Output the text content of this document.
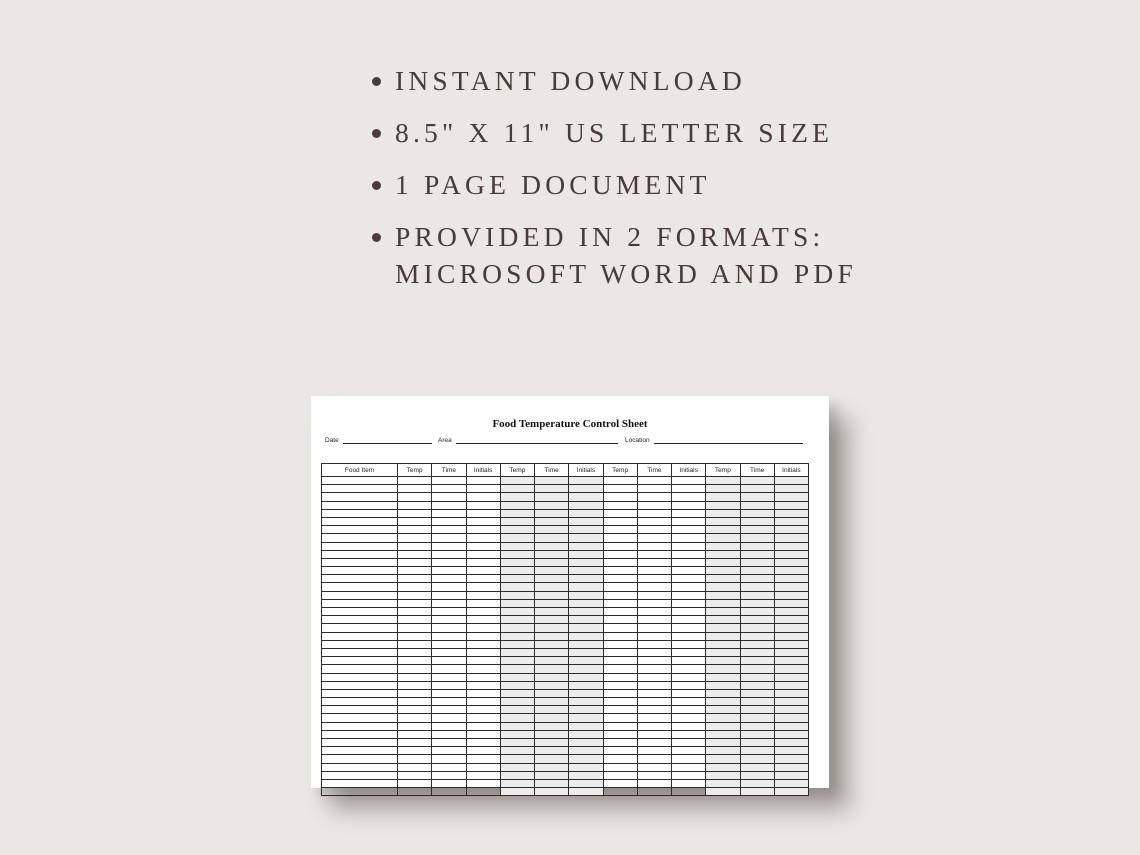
INSTANT DOWNLOAD
8.5" X 11" US LETTER SIZE
1 PAGE DOCUMENT
PROVIDED IN 2 FORMATS:
MICROSOFT WORD AND PDF
Food Temperature Control Sheet
Date	Area	Location
Food Item	Temp	Time	Initials	Temp	Time	Initials	Temp	Time	Initials	Temp	Time	Initials
